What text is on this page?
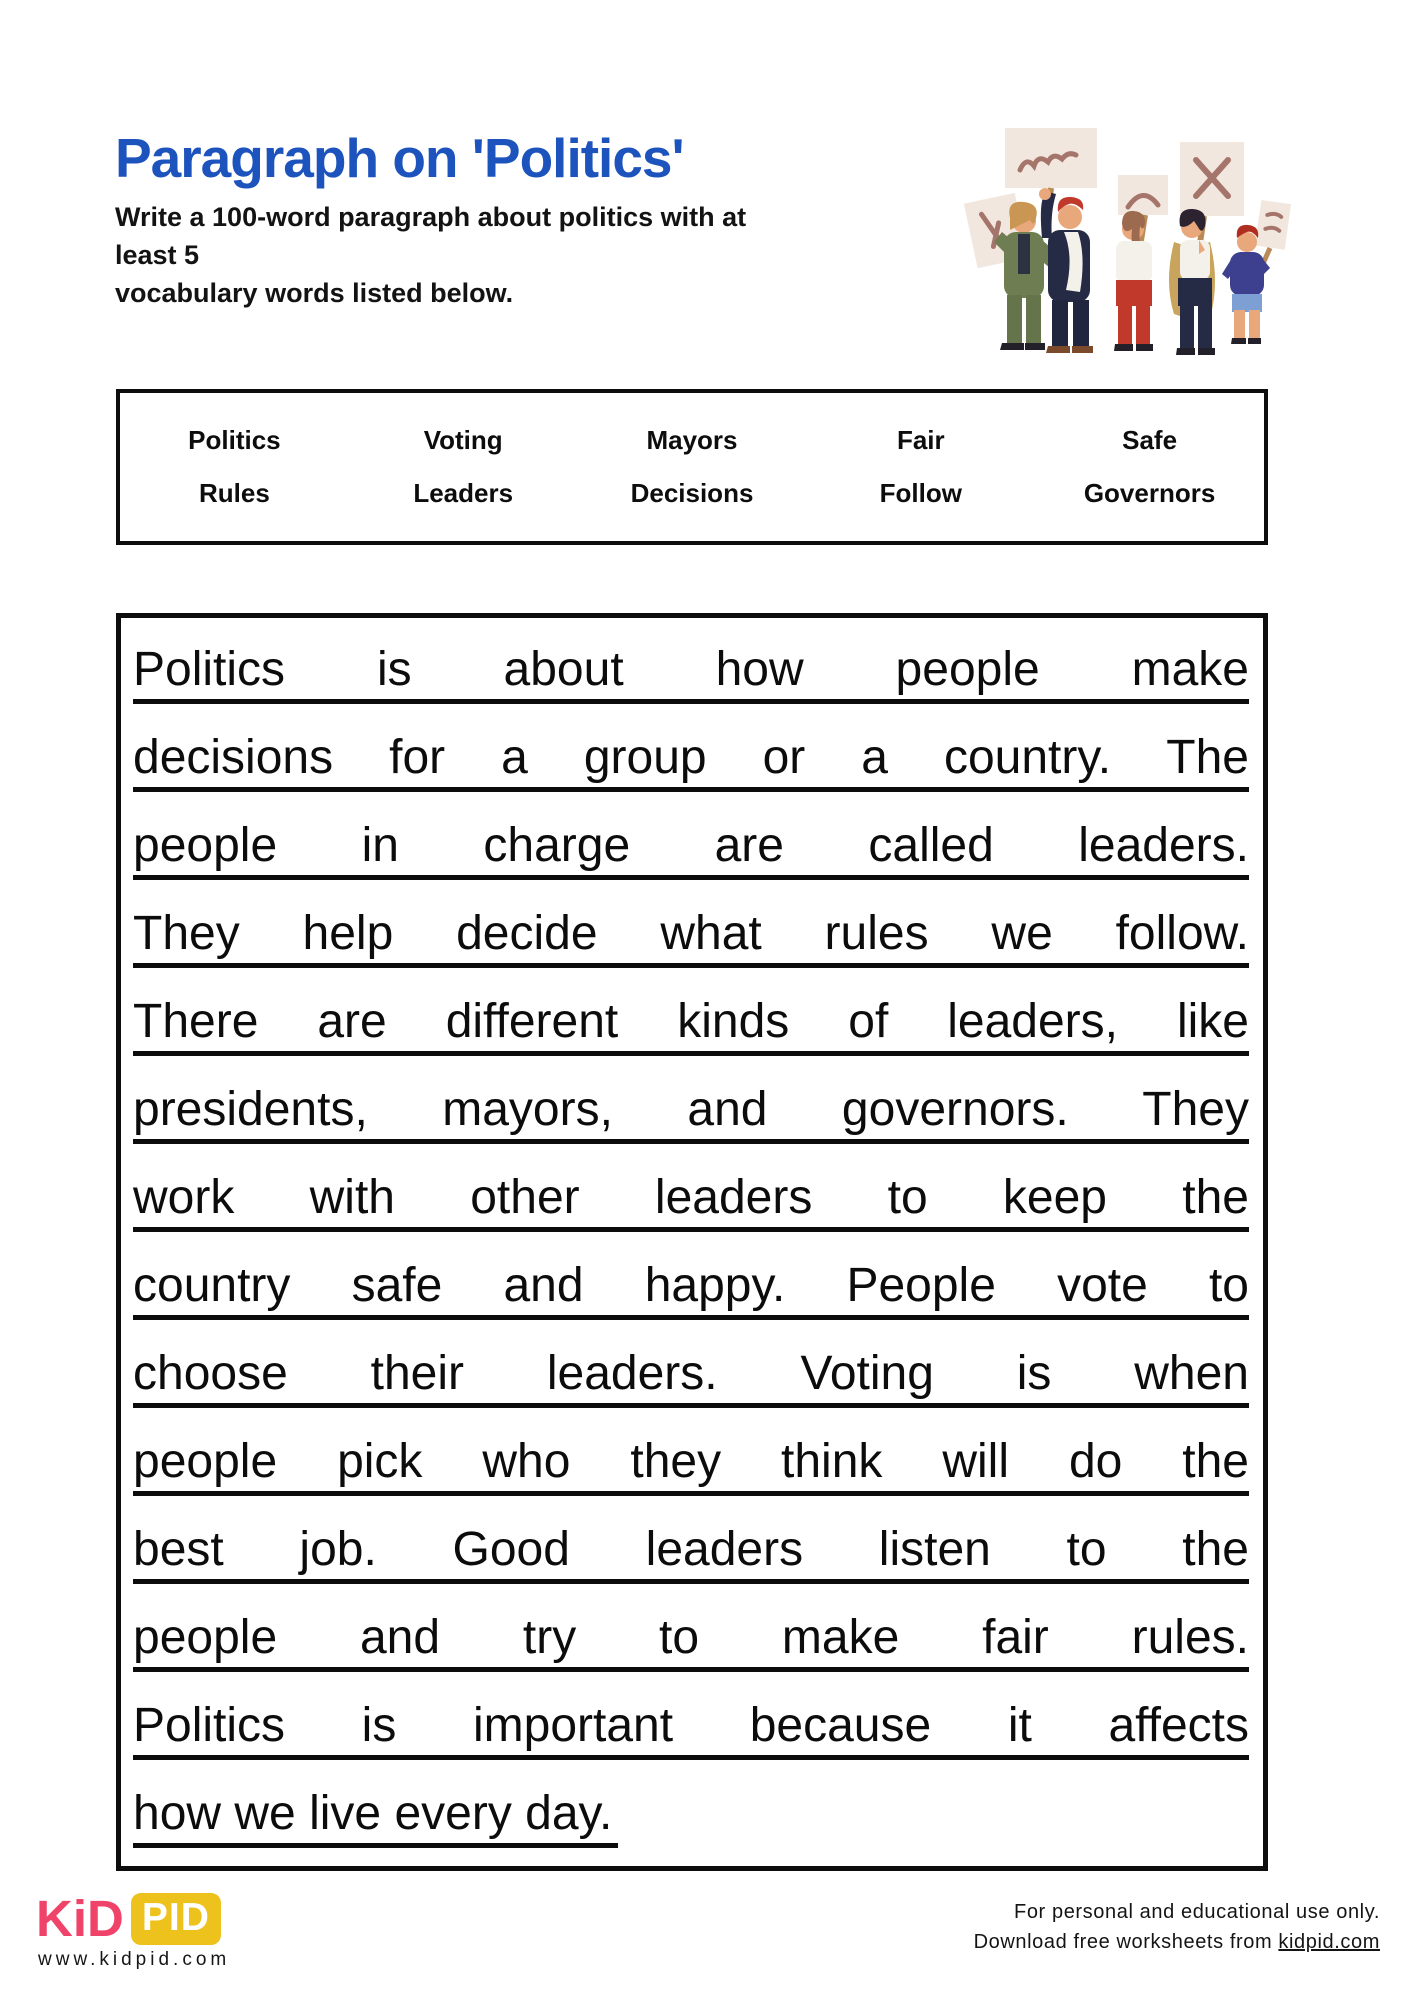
Paragraph on 'Politics'
Write a 100-word paragraph about politics with at least 5
vocabulary words listed below.
Politics	Voting	Mayors	Fair	Safe
Rules	Leaders	Decisions	Follow	Governors
Politics is about how people make
decisions for a group or a country. The
people in charge are called leaders.
They help decide what rules we follow.
There are different kinds of leaders, like
presidents, mayors, and governors. They
work with other leaders to keep the
country safe and happy. People vote to
choose their leaders. Voting is when
people pick who they think will do the
best job. Good leaders listen to the
people and try to make fair rules.
Politics is important because it affects
how we live every day.
KiD PID
www.kidpid.com
For personal and educational use only.
Download free worksheets from kidpid.com
